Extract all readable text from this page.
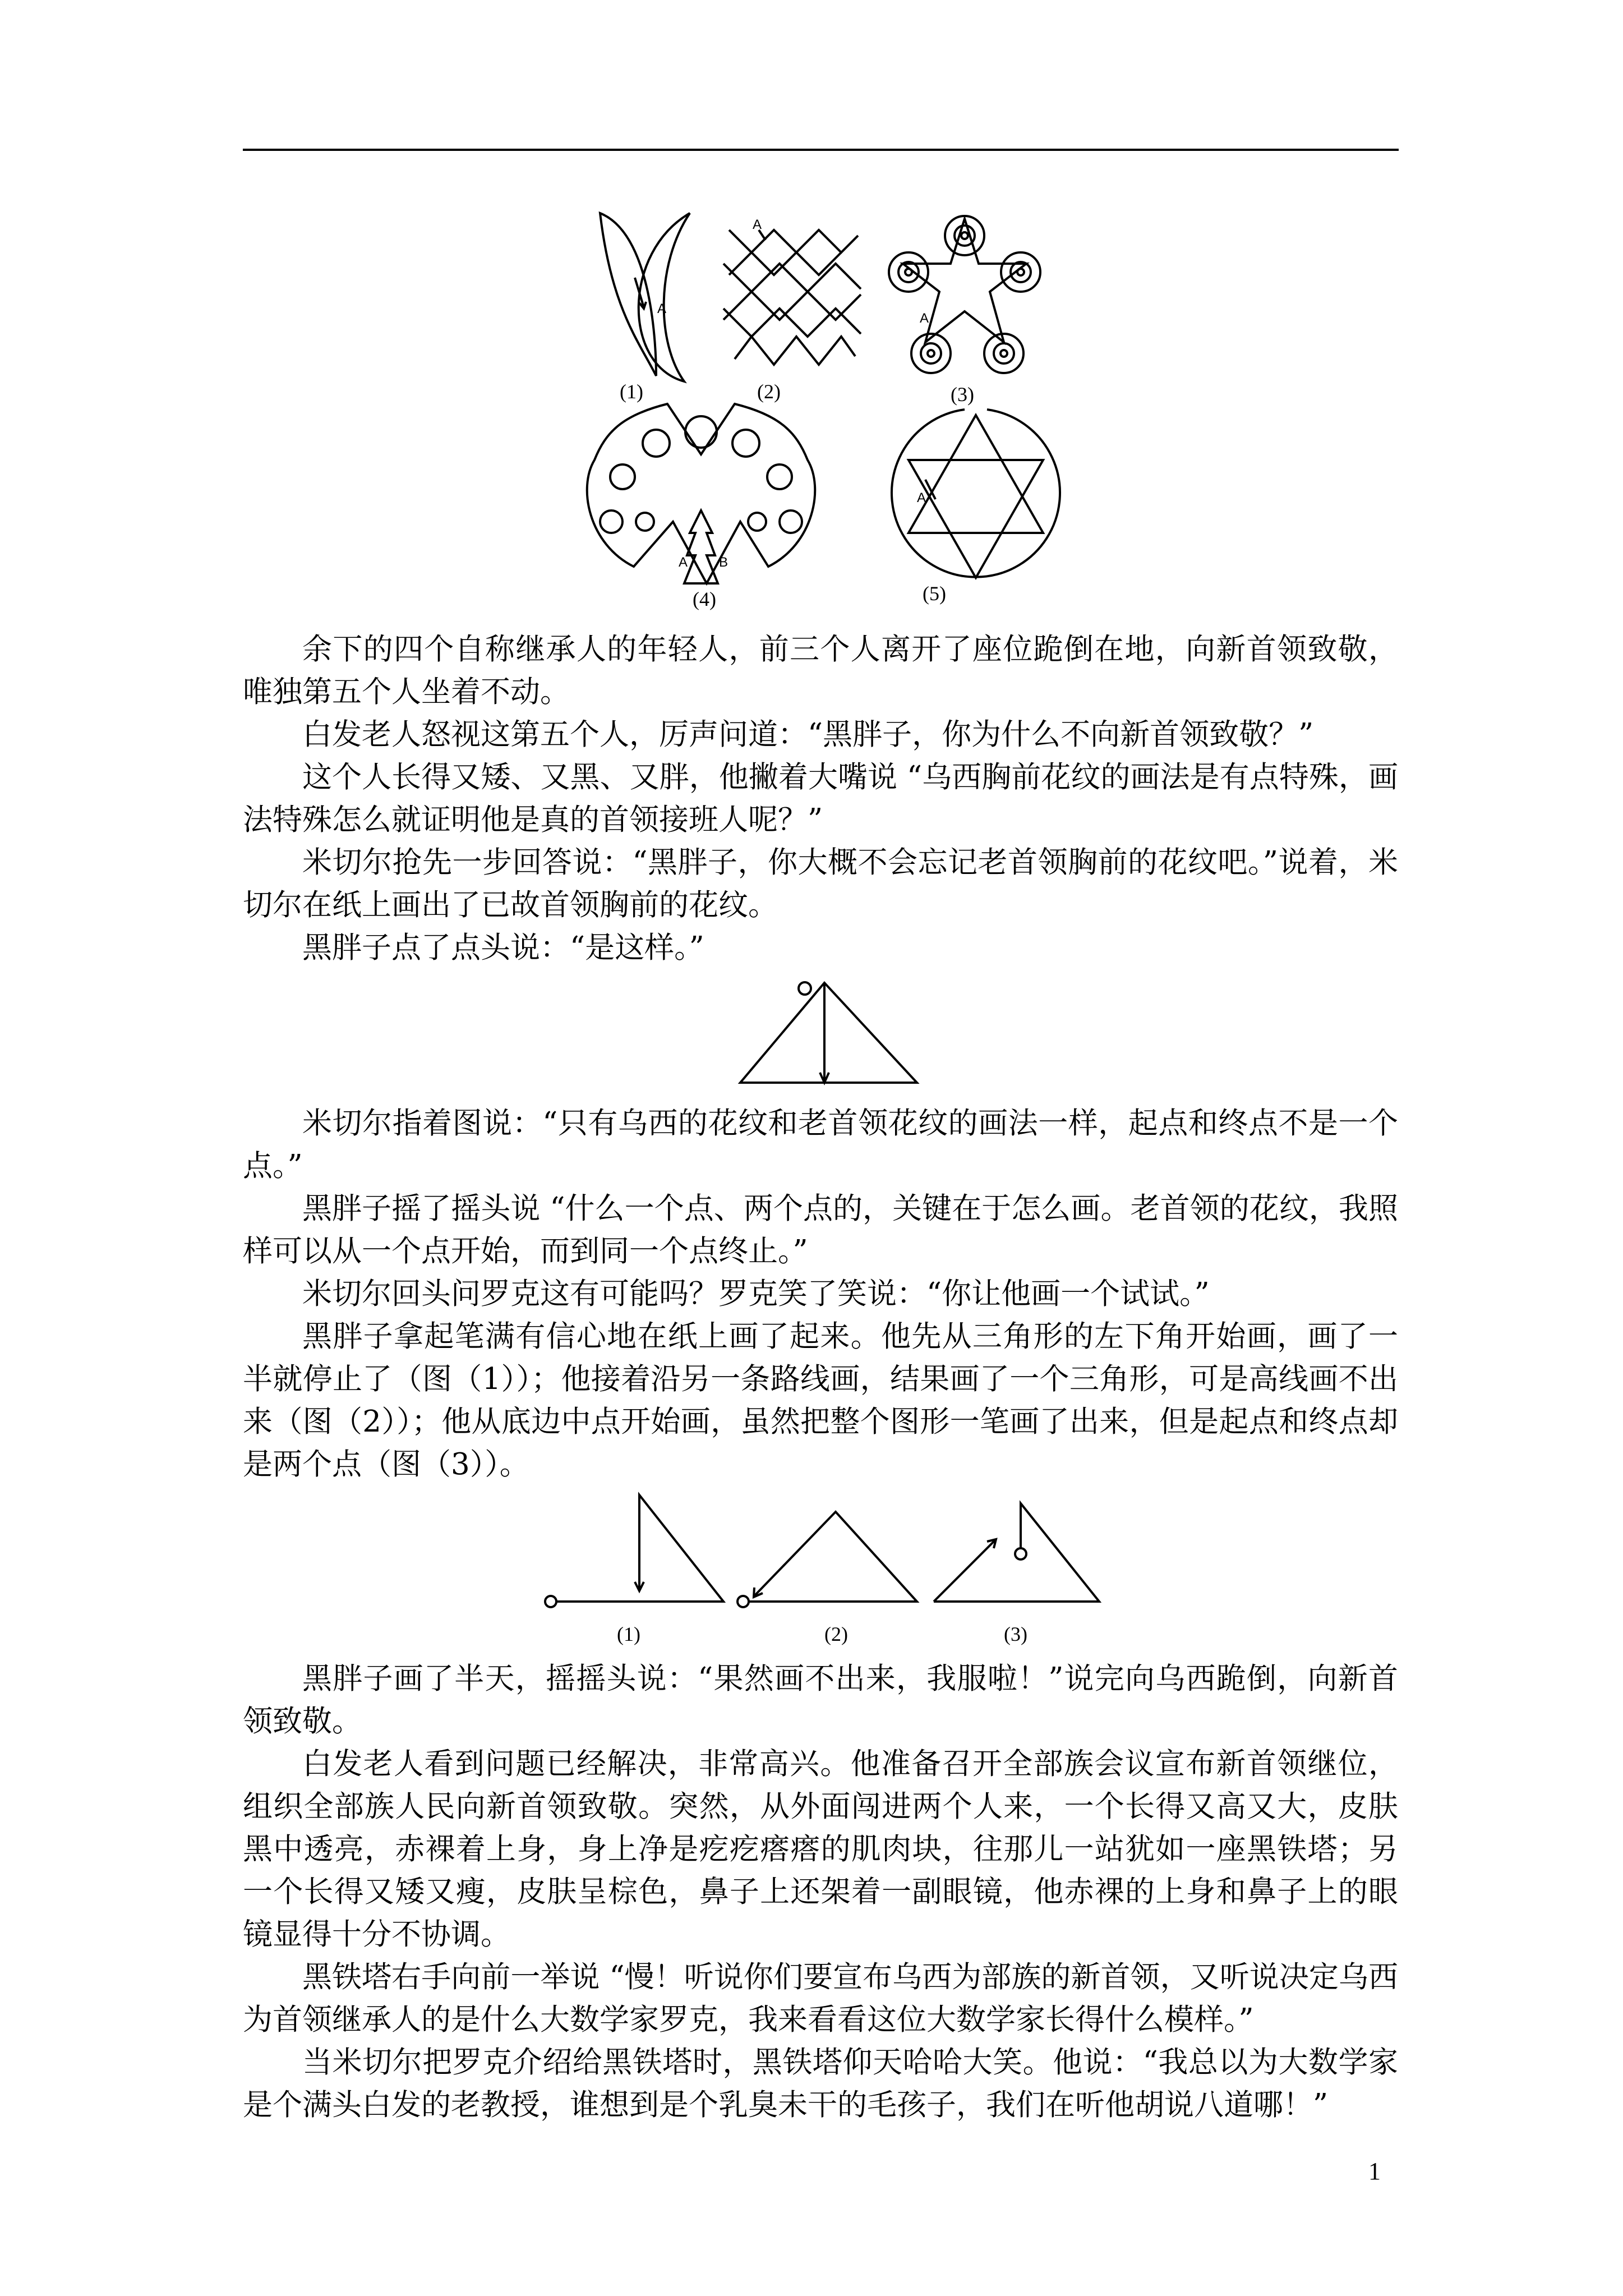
A
A
A
A B
A
(1)	(2)	(3)
(4)	(5)

余下的四个自称继承人的年轻人，前三个人离开了座位跪倒在地，向新首领致敬，唯独第五个人坐着不动。

白发老人怒视这第五个人，厉声问道：“黑胖子，你为什么不向新首领致敬？”

这个人长得又矮、又黑、又胖，他撇着大嘴说 “乌西胸前花纹的画法是有点特殊，画法特殊怎么就证明他是真的首领接班人呢？”

米切尔抢先一步回答说：“黑胖子，你大概不会忘记老首领胸前的花纹吧。”说着，米切尔在纸上画出了已故首领胸前的花纹。

黑胖子点了点头说：“是这样。”

米切尔指着图说：“只有乌西的花纹和老首领花纹的画法一样，起点和终点不是一个点。”

黑胖子摇了摇头说 “什么一个点、两个点的，关键在于怎么画。老首领的花纹，我照样可以从一个点开始，而到同一个点终止。”

米切尔回头问罗克这有可能吗？罗克笑了笑说：“你让他画一个试试。”

黑胖子拿起笔满有信心地在纸上画了起来。他先从三角形的左下角开始画，画了一半就停止了（图（1））；他接着沿另一条路线画，结果画了一个三角形，可是高线画不出来（图（2））；他从底边中点开始画，虽然把整个图形一笔画了出来，但是起点和终点却是两个点（图（3））。

(1)	(2)	(3)

黑胖子画了半天，摇摇头说：“果然画不出来，我服啦！”说完向乌西跪倒，向新首领致敬。

白发老人看到问题已经解决，非常高兴。他准备召开全部族会议宣布新首领继位，组织全部族人民向新首领致敬。突然，从外面闯进两个人来，一个长得又高又大，皮肤黑中透亮，赤裸着上身，身上净是疙疙瘩瘩的肌肉块，往那儿一站犹如一座黑铁塔；另一个长得又矮又瘦，皮肤呈棕色，鼻子上还架着一副眼镜，他赤裸的上身和鼻子上的眼镜显得十分不协调。

黑铁塔右手向前一举说 “慢！听说你们要宣布乌西为部族的新首领，又听说决定乌西为首领继承人的是什么大数学家罗克，我来看看这位大数学家长得什么模样。”

当米切尔把罗克介绍给黑铁塔时，黑铁塔仰天哈哈大笑。他说：“我总以为大数学家是个满头白发的老教授，谁想到是个乳臭未干的毛孩子，我们在听他胡说八道哪！”

1
